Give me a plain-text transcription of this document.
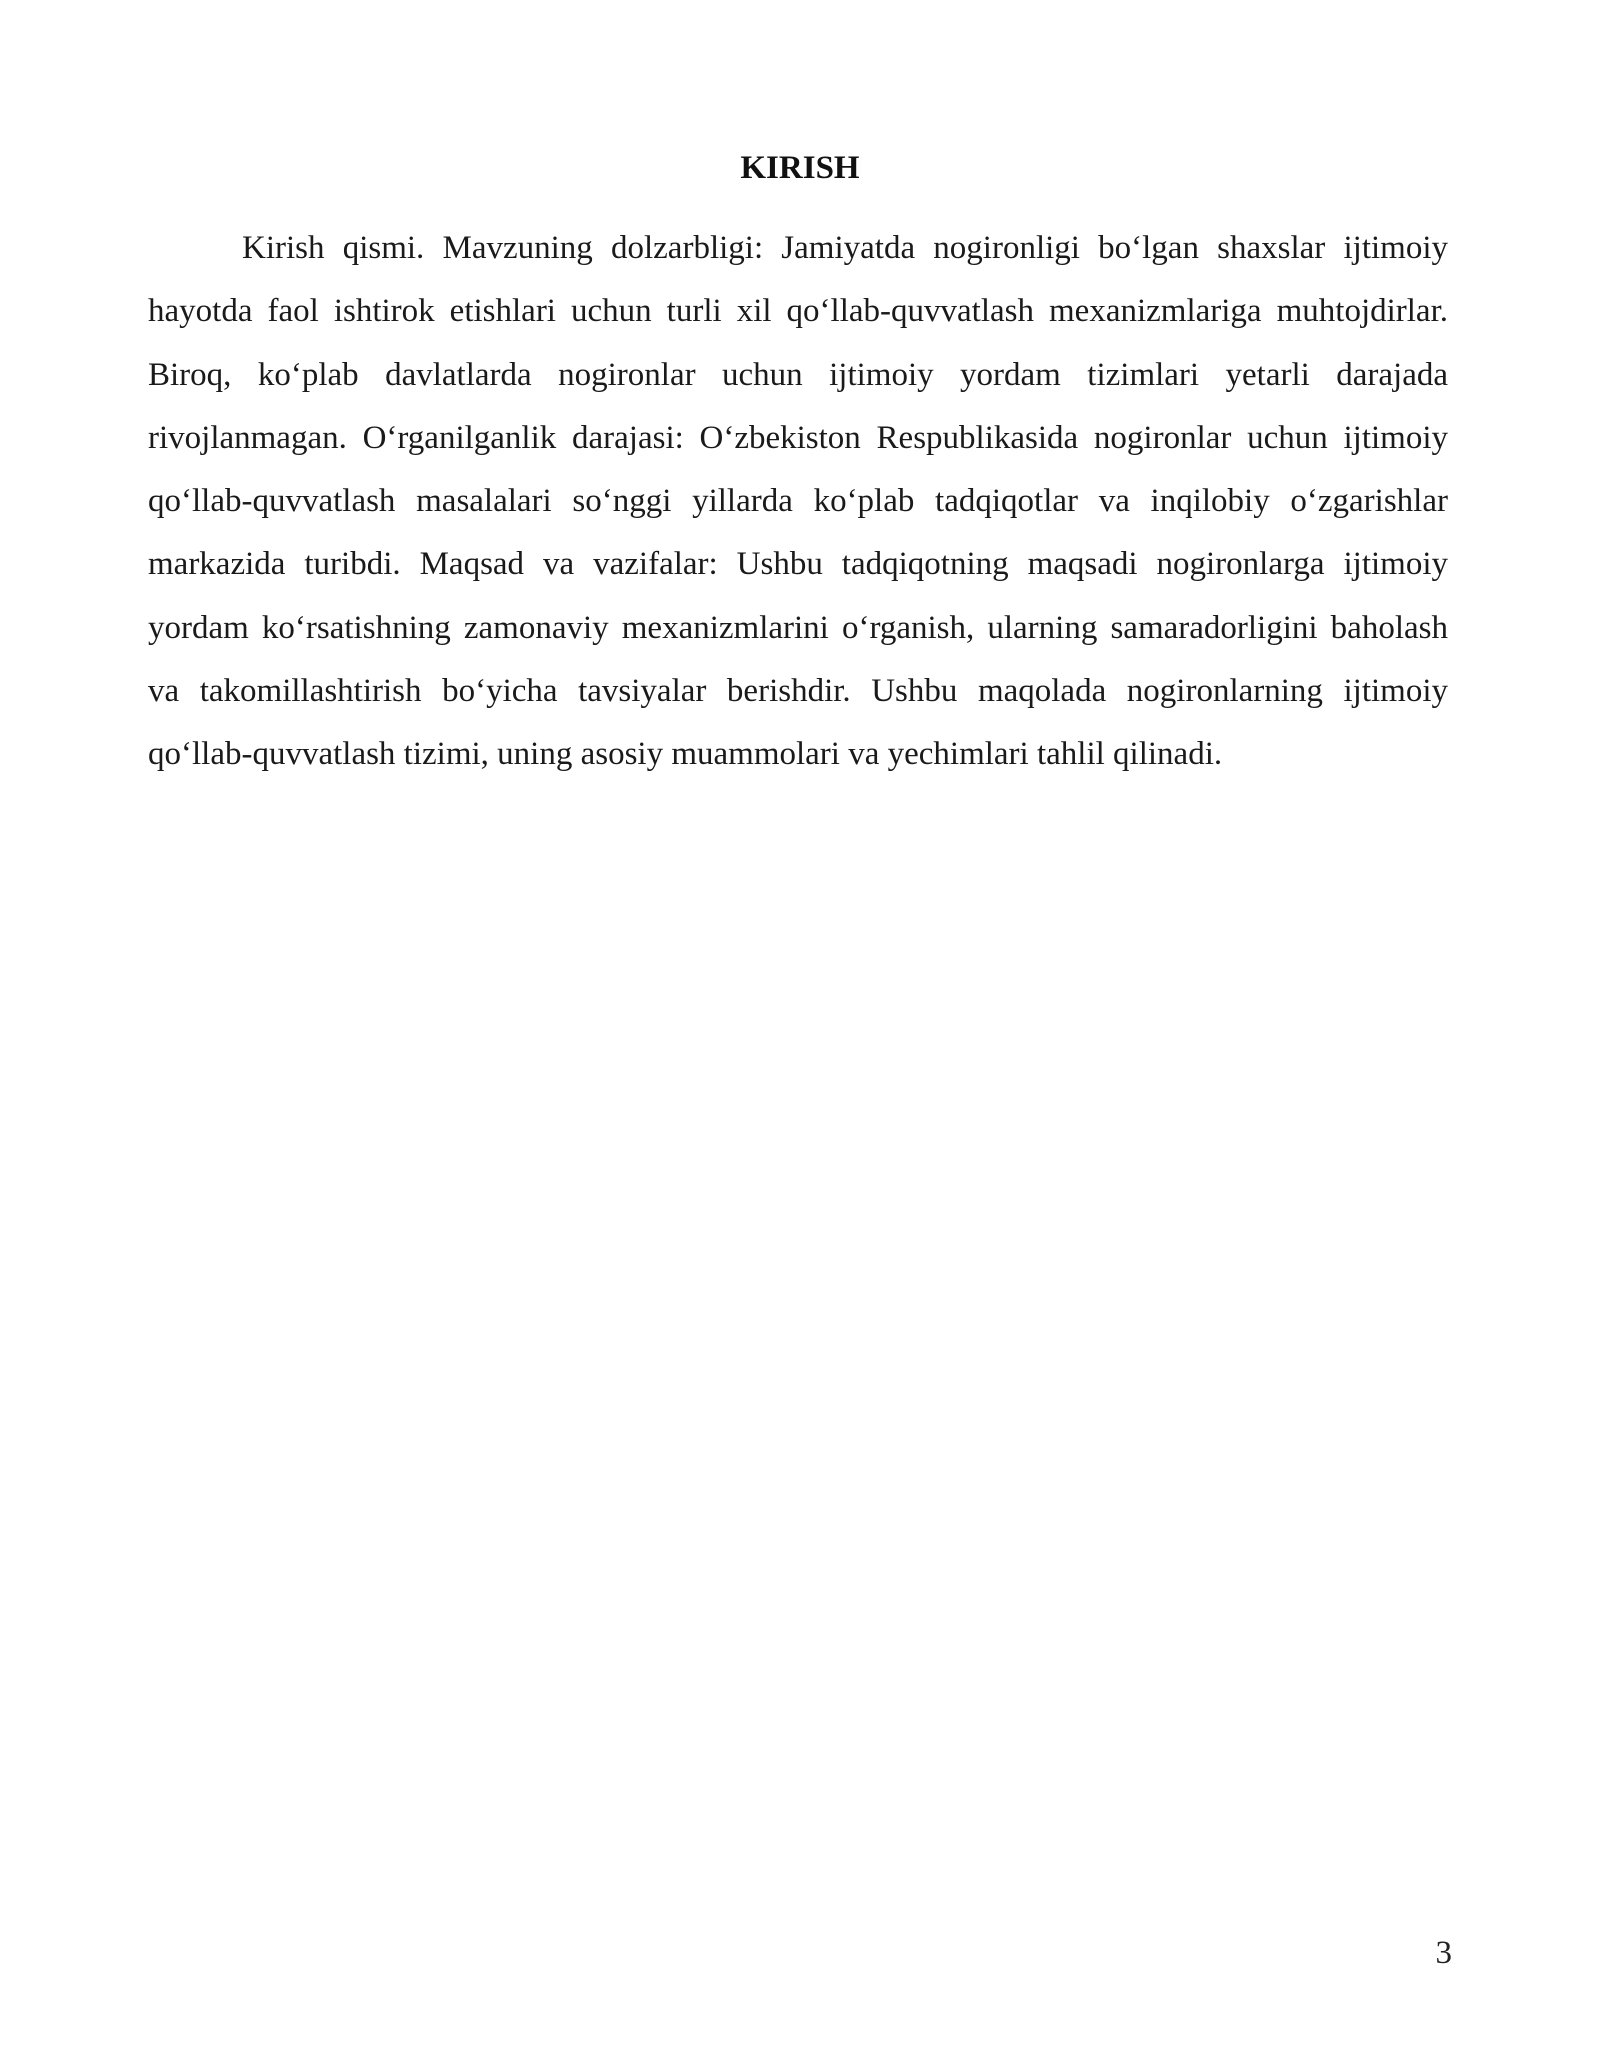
KIRISH

Kirish qismi. Mavzuning dolzarbligi: Jamiyatda nogironligi bo‘lgan shaxslar ijtimoiy hayotda faol ishtirok etishlari uchun turli xil qo‘llab-quvvatlash mexanizmlariga muhtojdirlar. Biroq, ko‘plab davlatlarda nogironlar uchun ijtimoiy yordam tizimlari yetarli darajada rivojlanmagan. O‘rganilganlik darajasi: O‘zbekiston Respublikasida nogironlar uchun ijtimoiy qo‘llab-quvvatlash masalalari so‘nggi yillarda ko‘plab tadqiqotlar va inqilobiy o‘zgarishlar markazida turibdi. Maqsad va vazifalar: Ushbu tadqiqotning maqsadi nogironlarga ijtimoiy yordam ko‘rsatishning zamonaviy mexanizmlarini o‘rganish, ularning samaradorligini baholash va takomillashtirish bo‘yicha tavsiyalar berishdir. Ushbu maqolada nogironlarning ijtimoiy qo‘llab-quvvatlash tizimi, uning asosiy muammolari va yechimlari tahlil qilinadi.

3
